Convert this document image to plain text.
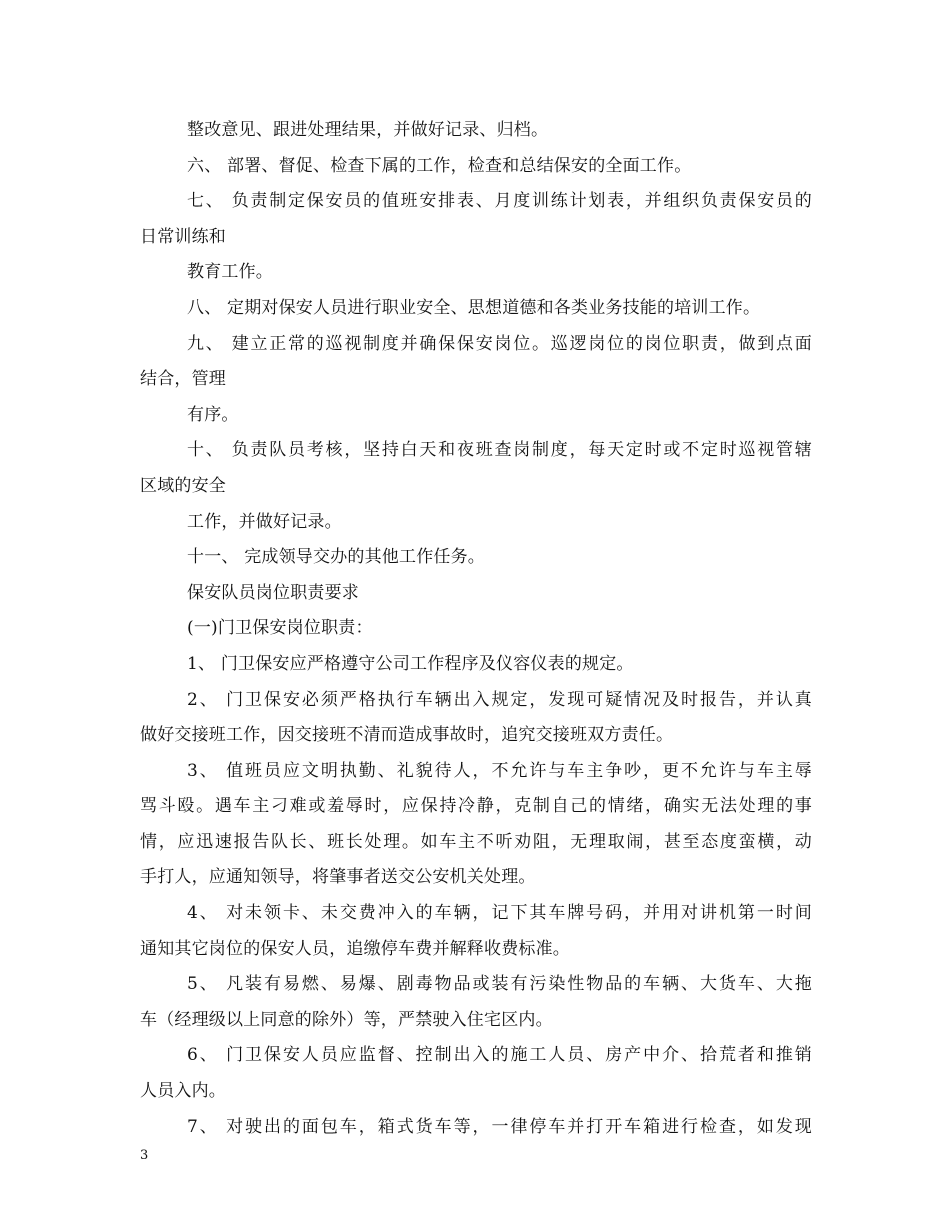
整改意见、跟进处理结果，并做好记录、归档。
六、 部署、督促、检查下属的工作，检查和总结保安的全面工作。
七、 负责制定保安员的值班安排表、月度训练计划表，并组织负责保安员的
日常训练和
教育工作。
八、 定期对保安人员进行职业安全、思想道德和各类业务技能的培训工作。
九、 建立正常的巡视制度并确保保安岗位。巡逻岗位的岗位职责，做到点面
结合，管理
有序。
十、 负责队员考核，坚持白天和夜班查岗制度，每天定时或不定时巡视管辖
区域的安全
工作，并做好记录。
十一、 完成领导交办的其他工作任务。
保安队员岗位职责要求
(一)门卫保安岗位职责：
1、 门卫保安应严格遵守公司工作程序及仪容仪表的规定。
2、 门卫保安必须严格执行车辆出入规定，发现可疑情况及时报告，并认真
做好交接班工作，因交接班不清而造成事故时，追究交接班双方责任。
3、 值班员应文明执勤、礼貌待人，不允许与车主争吵，更不允许与车主辱
骂斗殴。遇车主刁难或羞辱时，应保持冷静，克制自己的情绪，确实无法处理的事
情，应迅速报告队长、班长处理。如车主不听劝阻，无理取闹，甚至态度蛮横，动
手打人，应通知领导，将肇事者送交公安机关处理。
4、 对未领卡、未交费冲入的车辆，记下其车牌号码，并用对讲机第一时间
通知其它岗位的保安人员，追缴停车费并解释收费标准。
5、 凡装有易燃、易爆、剧毒物品或装有污染性物品的车辆、大货车、大拖
车（经理级以上同意的除外）等，严禁驶入住宅区内。
6、 门卫保安人员应监督、控制出入的施工人员、房产中介、拾荒者和推销
人员入内。
7、 对驶出的面包车，箱式货车等，一律停车并打开车箱进行检查，如发现
3
